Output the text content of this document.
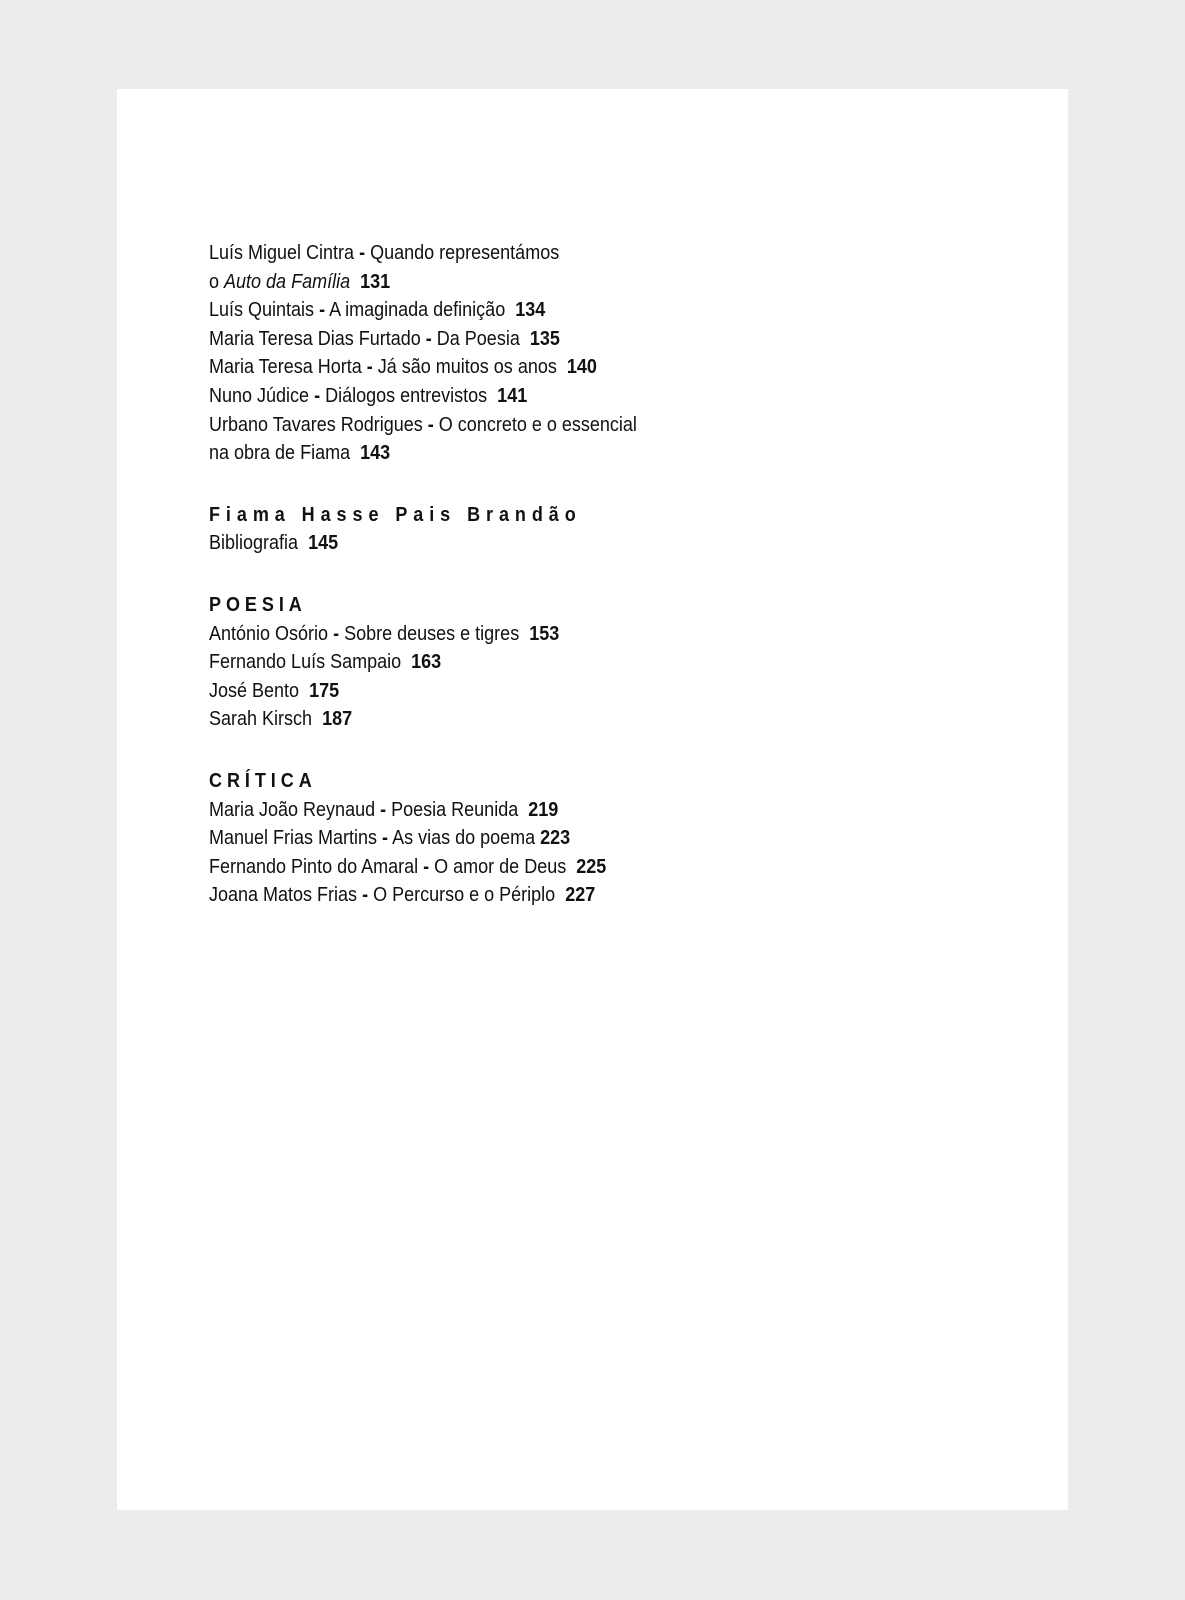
Luís Miguel Cintra - Quando representámos
o Auto da Família 131
Luís Quintais - A imaginada definição 134
Maria Teresa Dias Furtado - Da Poesia 135
Maria Teresa Horta - Já são muitos os anos 140
Nuno Júdice - Diálogos entrevistos 141
Urbano Tavares Rodrigues - O concreto e o essencial
na obra de Fiama 143
Fiama Hasse Pais Brandão
Bibliografia 145
POESIA
António Osório - Sobre deuses e tigres 153
Fernando Luís Sampaio 163
José Bento 175
Sarah Kirsch 187
CRÍTICA
Maria João Reynaud - Poesia Reunida 219
Manuel Frias Martins - As vias do poema 223
Fernando Pinto do Amaral - O amor de Deus 225
Joana Matos Frias - O Percurso e o Périplo 227
